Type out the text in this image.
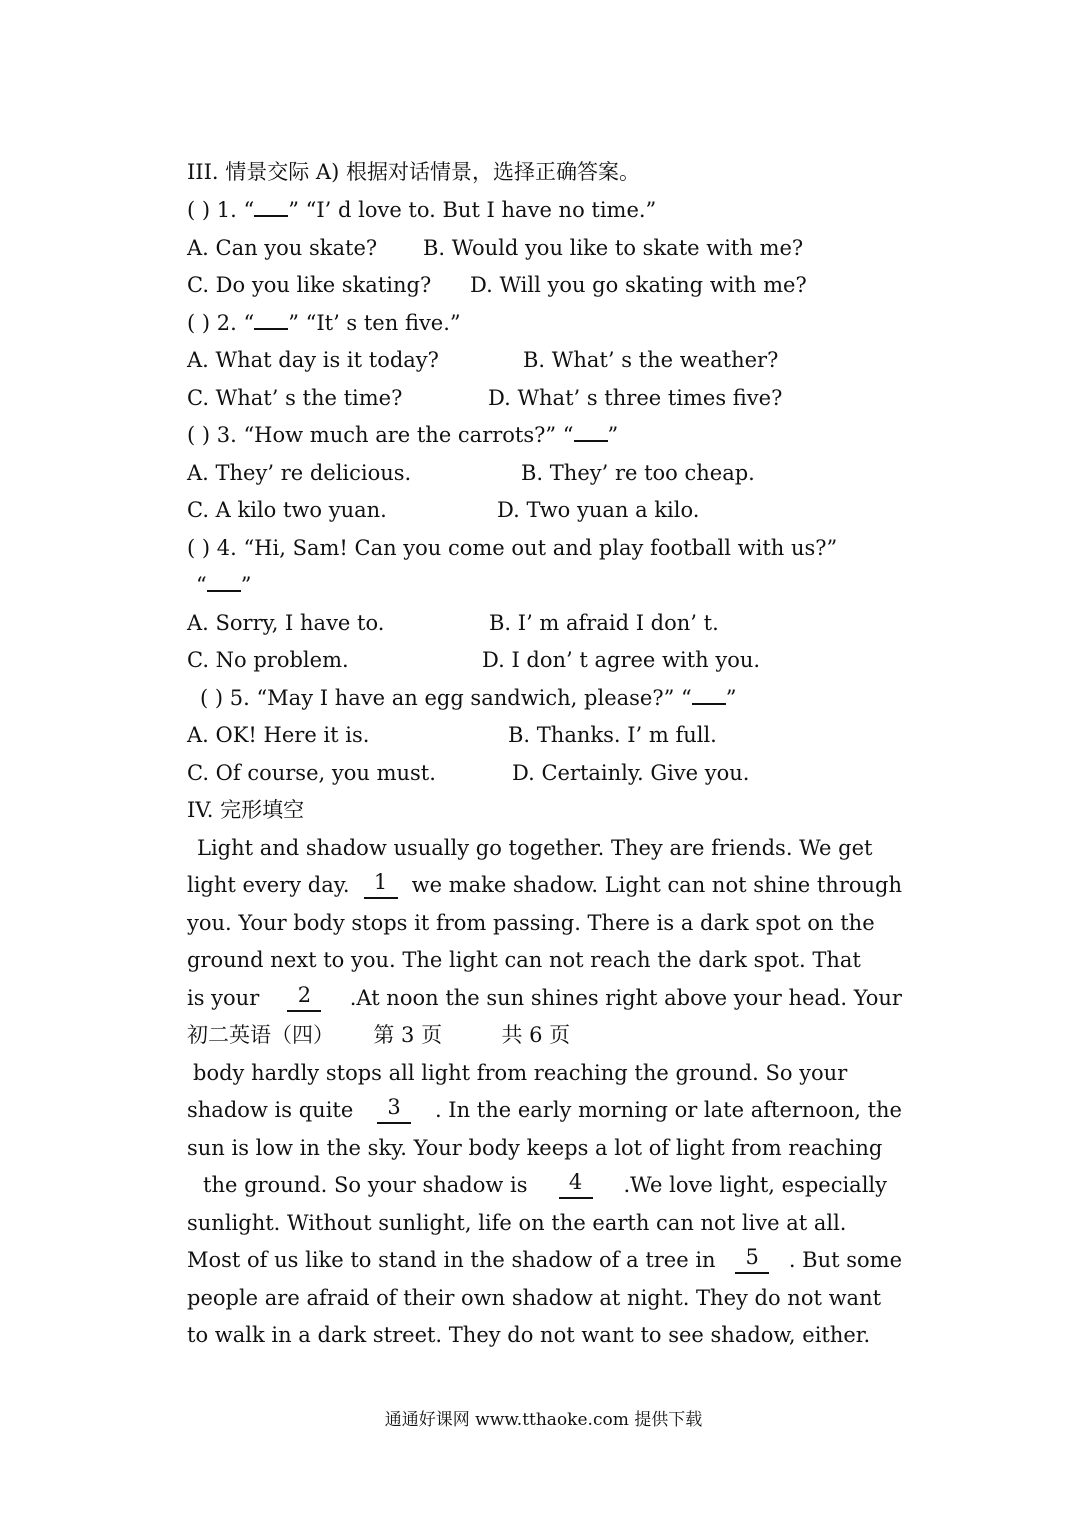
III. 情景交际 A) 根据对话情景，选择正确答案。
( ) 1. “ ” “I’ d love to. But I have no time.”
A. Can you skate? B. Would you like to skate with me?
C. Do you like skating? D. Will you go skating with me?
( ) 2. “ ” “It’ s ten five.”
A. What day is it today?	B. What’ s the weather?
C. What’ s the time?	D. What’ s three times five?
( ) 3. “How much are the carrots?” “ ”
A. They’ re delicious.	B. They’ re too cheap.
C. A kilo two yuan.	D. Two yuan a kilo.
( ) 4. “Hi, Sam! Can you come out and play football with us?”
“ ”
A. Sorry, I have to.	B. I’ m afraid I don’ t.
C. No problem.	D. I don’ t agree with you.
( ) 5. “May I have an egg sandwich, please?” “ ”
A. OK! Here it is.	B. Thanks. I’ m full.
C. Of course, you must.	D. Certainly. Give you.
IV. 完形填空
Light and shadow usually go together. They are friends. We get
light every day.	1	we make shadow. Light can not shine through
you. Your body stops it from passing. There is a dark spot on the
ground next to you. The light can not reach the dark spot. That
is your	2	.At noon the sun shines right above your head. Your
初二英语（四） 第 3 页	共 6 页
body hardly stops all light from reaching the ground. So your
shadow is quite	3	. In the early morning or late afternoon, the
sun is low in the sky. Your body keeps a lot of light from reaching
the ground. So your shadow is	4	.We love light, especially
sunlight. Without sunlight, life on the earth can not live at all.
Most of us like to stand in the shadow of a tree in	5	. But some
people are afraid of their own shadow at night. They do not want
to walk in a dark street. They do not want to see shadow, either.
通通好课网 www.tthaoke.com 提供下载
